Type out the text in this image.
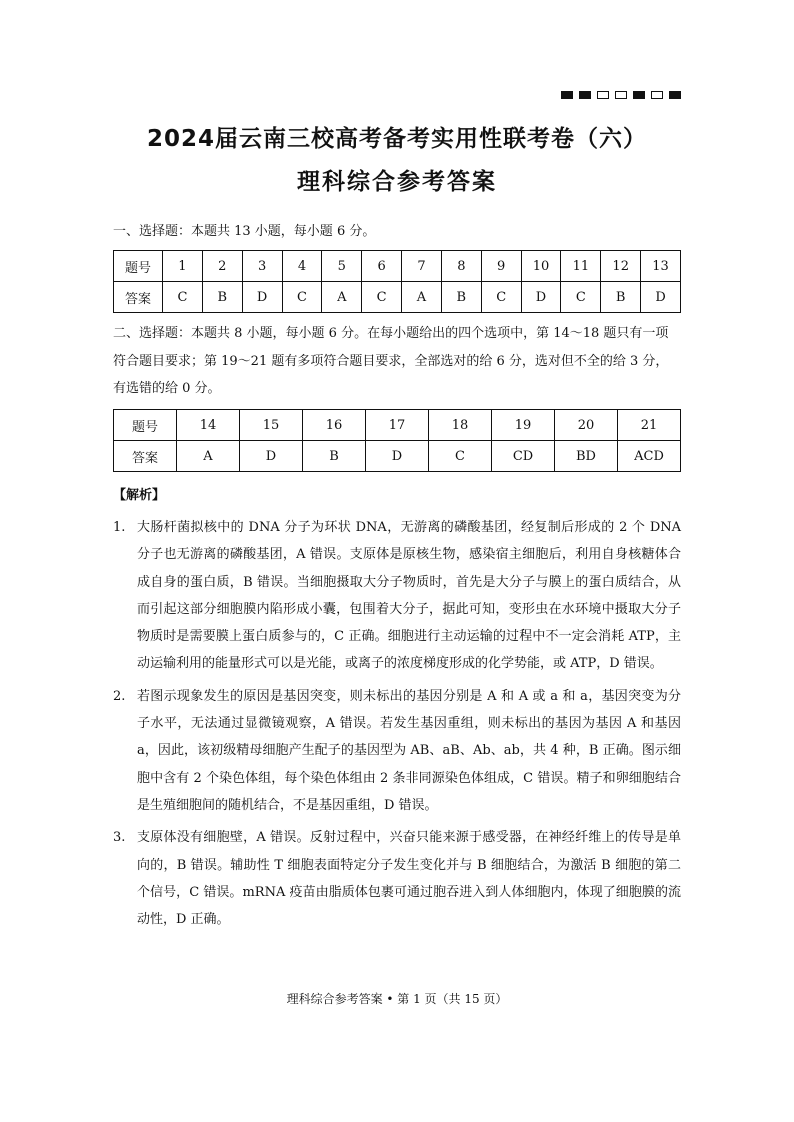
2024届云南三校高考备考实用性联考卷（六）
理科综合参考答案
一、选择题：本题共 13 小题，每小题 6 分。
题号	1	2	3	4	5	6	7	8	9	10	11	12	13
答案	C	B	D	C	A	C	A	B	C	D	C	B	D
二、选择题：本题共 8 小题，每小题 6 分。在每小题给出的四个选项中，第 14～18 题只有一项符合题目要求；第 19～21 题有多项符合题目要求，全部选对的给 6 分，选对但不全的给 3 分，有选错的给 0 分。
题号	14	15	16	17	18	19	20	21
答案	A	D	B	D	C	CD	BD	ACD
【解析】
1. 大肠杆菌拟核中的 DNA 分子为环状 DNA，无游离的磷酸基团，经复制后形成的 2 个 DNA 分子也无游离的磷酸基团，A 错误。支原体是原核生物，感染宿主细胞后，利用自身核糖体合成自身的蛋白质，B 错误。当细胞摄取大分子物质时，首先是大分子与膜上的蛋白质结合，从而引起这部分细胞膜内陷形成小囊，包围着大分子，据此可知，变形虫在水环境中摄取大分子物质时是需要膜上蛋白质参与的，C 正确。细胞进行主动运输的过程中不一定会消耗 ATP，主动运输利用的能量形式可以是光能，或离子的浓度梯度形成的化学势能，或 ATP，D 错误。
2. 若图示现象发生的原因是基因突变，则未标出的基因分别是 A 和 A 或 a 和 a，基因突变为分子水平，无法通过显微镜观察，A 错误。若发生基因重组，则未标出的基因为基因 A 和基因 a，因此，该初级精母细胞产生配子的基因型为 AB、aB、Ab、ab，共 4 种，B 正确。图示细胞中含有 2 个染色体组，每个染色体组由 2 条非同源染色体组成，C 错误。精子和卵细胞结合是生殖细胞间的随机结合，不是基因重组，D 错误。
3. 支原体没有细胞壁，A 错误。反射过程中，兴奋只能来源于感受器，在神经纤维上的传导是单向的，B 错误。辅助性 T 细胞表面特定分子发生变化并与 B 细胞结合，为激活 B 细胞的第二个信号，C 错误。mRNA 疫苗由脂质体包裹可通过胞吞进入到人体细胞内，体现了细胞膜的流动性，D 正确。
理科综合参考答案 • 第 1 页（共 15 页）
